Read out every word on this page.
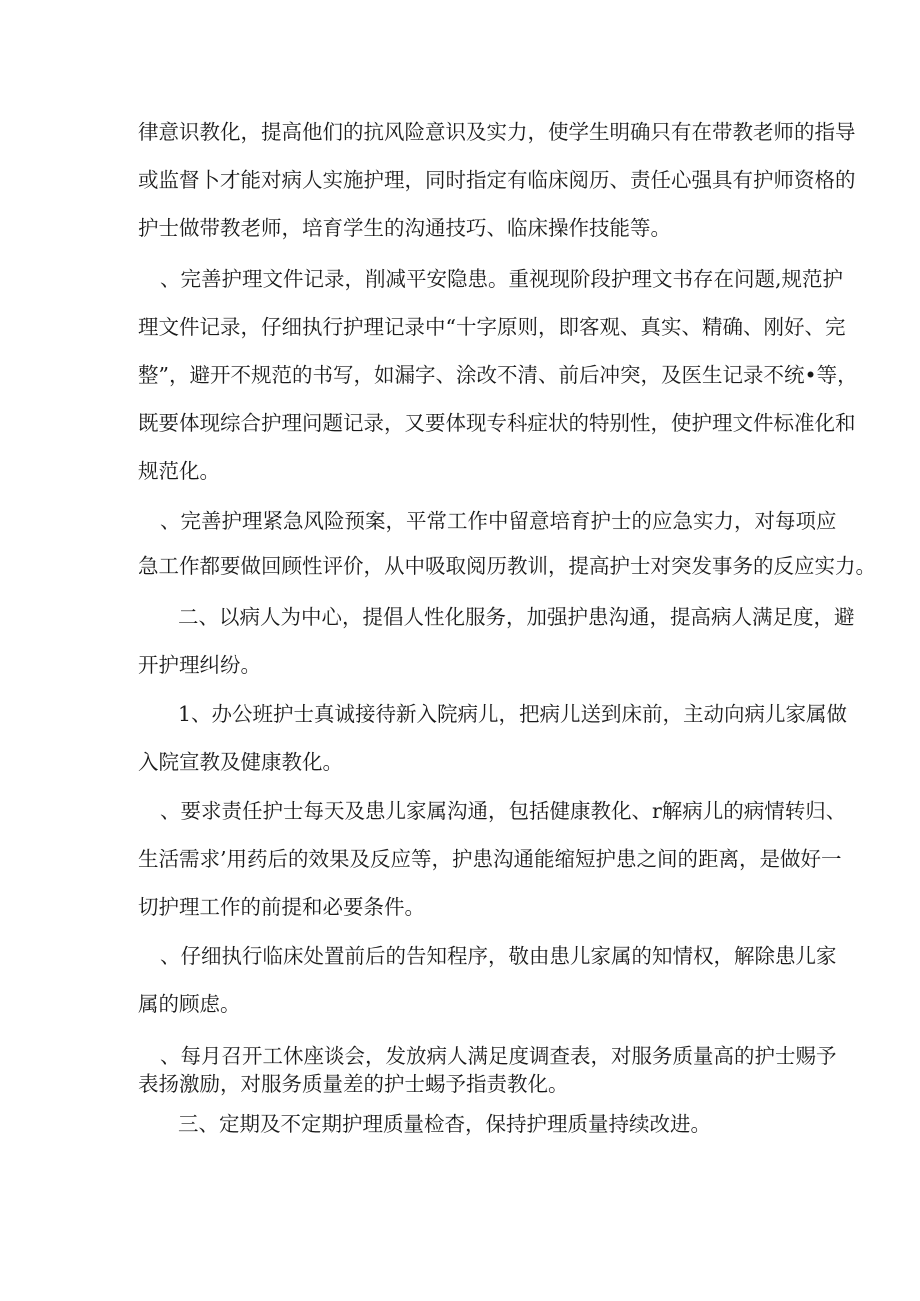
律意识教化，提高他们的抗风险意识及实力，使学生明确只有在带教老师的指导
或监督卜才能对病人实施护理，同时指定有临床阅历、责任心强具有护师资格的
护士做带教老师，培育学生的沟通技巧、临床操作技能等。
、完善护理文件记录，削减平安隐患。重视现阶段护理文书存在问题,规范护
理文件记录，仔细执行护理记录中“十字原则，即客观、真实、精确、刚好、完
整”，避开不规范的书写，如漏字、涂改不清、前后冲突，及医生记录不统•等，
既要体现综合护理问题记录，又要体现专科症状的特别性，使护理文件标准化和
规范化。
、完善护理紧急风险预案，平常工作中留意培育护士的应急实力，对每项应
急工作都要做回顾性评价，从中吸取阅历教训，提高护士对突发事务的反应实力。
二、以病人为中心，提倡人性化服务，加强护患沟通，提高病人满足度，避
开护理纠纷。
1、办公班护士真诚接待新入院病儿，把病儿送到床前，主动向病儿家属做
入院宣教及健康教化。
、要求责任护士每天及患儿家属沟通，包括健康教化、r解病儿的病情转归、
生活需求’用药后的效果及反应等，护患沟通能缩短护患之间的距离，是做好一
切护理工作的前提和必要条件。
、仔细执行临床处置前后的告知程序，敬由患儿家属的知情权，解除患儿家
属的顾虑。
、每月召开工休座谈会，发放病人满足度调查表，对服务质量高的护士赐予
表扬激励，对服务质量差的护士蜴予指责教化。
三、定期及不定期护理质量检杳，保持护理质量持续改进。
